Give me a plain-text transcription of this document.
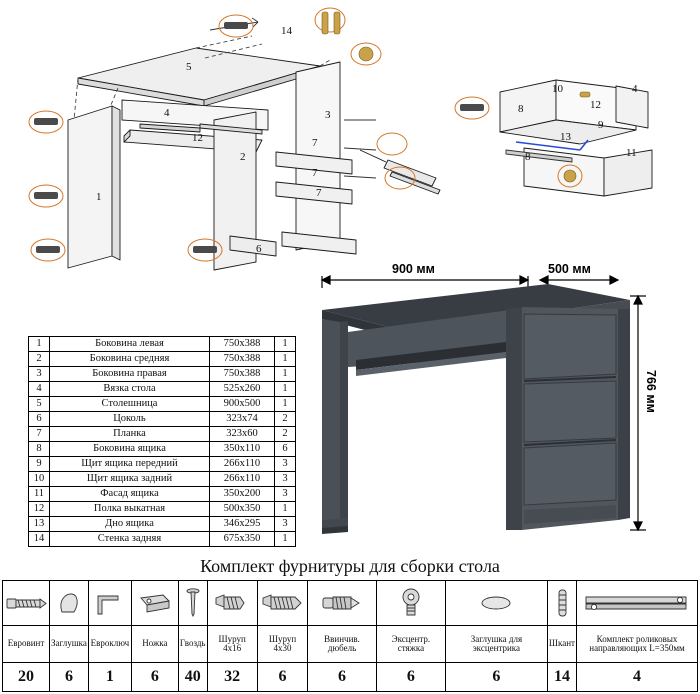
1
2
3
4
5
6
7
7
7
12
14
8
8
10
9
4
12
13
11
1	Боковина левая	750x388	1
2	Боковина средняя	750x388	1
3	Боковина правая	750x388	1
4	Вязка стола	525x260	1
5	Столешница	900x500	1
6	Цоколь	323x74	2
7	Планка	323x60	2
8	Боковина ящика	350x110	6
9	Щит ящика передний	266x110	3
10	Щит ящика задний	266x110	3
11	Фасад ящика	350x200	3
12	Полка выкатная	500x350	1
13	Дно ящика	346x295	3
14	Стенка задняя	675x350	1
900 мм	500 мм
766 мм
Комплект фурнитуры для сборки стола

Евровинт	Заглушка	Евроключ	Ножка	Гвоздь	Шуруп 4х16	Шуруп 4х30	Ввинчив. дюбель	Эксцентр. стяжка	Заглушка для эксцентрика	Шкант	Комплект роликовых направляющих L=350мм
20	6	1	6	40	32	6	6	6	6	14	4
